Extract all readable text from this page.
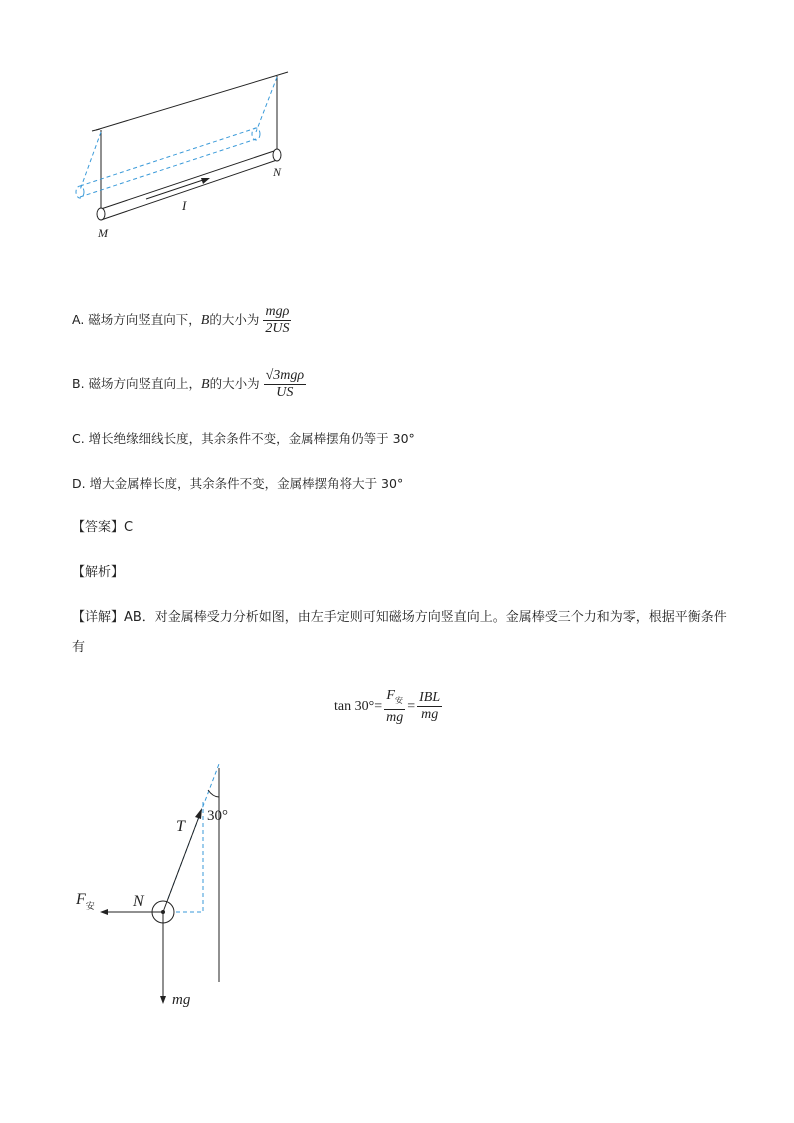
I
M
N
A. 磁场方向竖直向下，B的大小为 $\frac{\text{mgρ}}{2US}$
B. 磁场方向竖直向上，B的大小为 $\frac{\text{√3mgρ}}{US}$
C. 增长绝缘细线长度，其余条件不变，金属棒摆角仍等于 30°
D. 增大金属棒长度，其余条件不变，金属棒摆角将大于 30°
【答案】C
【解析】
【详解】AB．对金属棒受力分析如图，由左手定则可知磁场方向竖直向上。金属棒受三个力和为零，根据平衡条件有
$\tan 30^\circ= \frac{F_安}{mg} = \frac{\text{IBL}}{mg}$
T
30°
$F_安$ N
mg
